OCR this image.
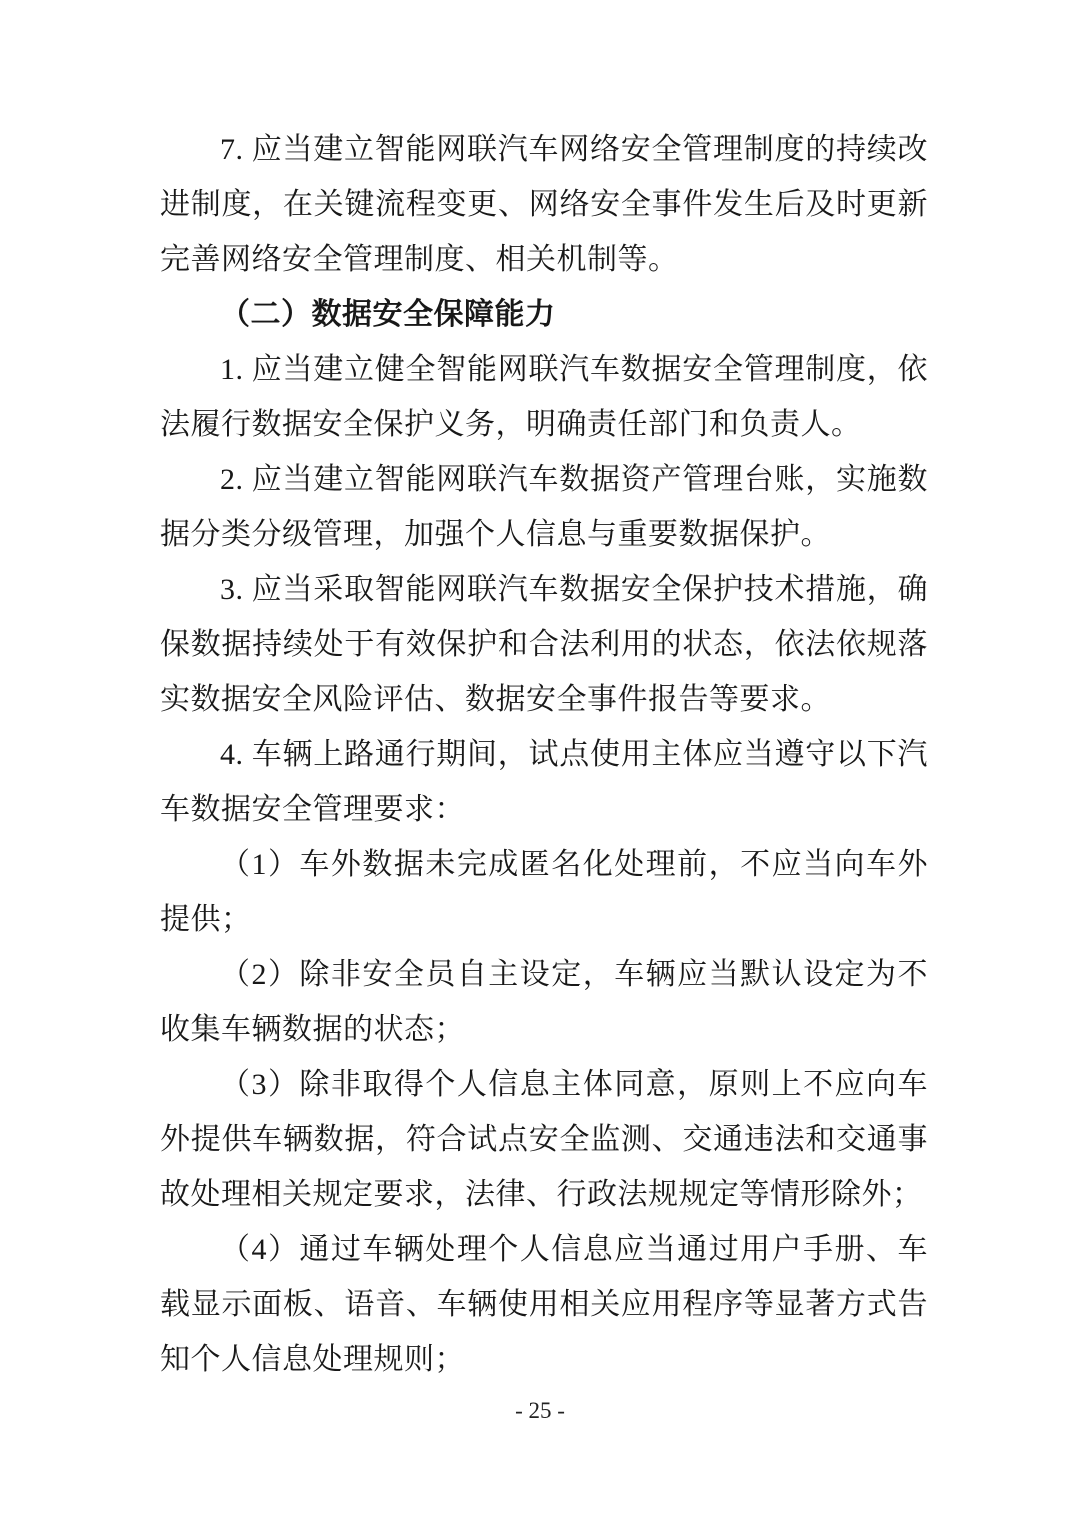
7. 应当建立智能网联汽车网络安全管理制度的持续改进制度，在关键流程变更、网络安全事件发生后及时更新完善网络安全管理制度、相关机制等。

（二）数据安全保障能力

1. 应当建立健全智能网联汽车数据安全管理制度，依法履行数据安全保护义务，明确责任部门和负责人。

2. 应当建立智能网联汽车数据资产管理台账，实施数据分类分级管理，加强个人信息与重要数据保护。

3. 应当采取智能网联汽车数据安全保护技术措施，确保数据持续处于有效保护和合法利用的状态，依法依规落实数据安全风险评估、数据安全事件报告等要求。

4. 车辆上路通行期间，试点使用主体应当遵守以下汽车数据安全管理要求：

（1）车外数据未完成匿名化处理前，不应当向车外提供；

（2）除非安全员自主设定，车辆应当默认设定为不收集车辆数据的状态；

（3）除非取得个人信息主体同意，原则上不应向车外提供车辆数据，符合试点安全监测、交通违法和交通事故处理相关规定要求，法律、行政法规规定等情形除外；

（4）通过车辆处理个人信息应当通过用户手册、车载显示面板、语音、车辆使用相关应用程序等显著方式告知个人信息处理规则；

- 25 -
